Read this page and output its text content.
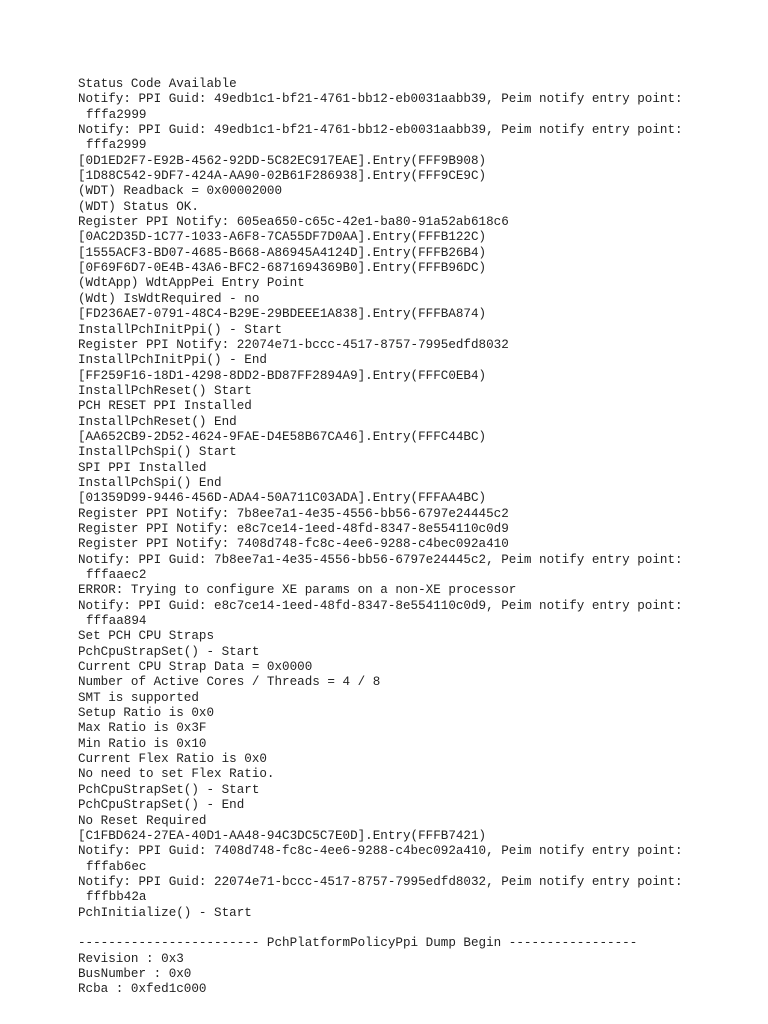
Status Code Available
Notify: PPI Guid: 49edb1c1-bf21-4761-bb12-eb0031aabb39, Peim notify entry point:
fffa2999
Notify: PPI Guid: 49edb1c1-bf21-4761-bb12-eb0031aabb39, Peim notify entry point:
fffa2999
[0D1ED2F7-E92B-4562-92DD-5C82EC917EAE].Entry(FFF9B908)
[1D88C542-9DF7-424A-AA90-02B61F286938].Entry(FFF9CE9C)
(WDT) Readback = 0x00002000
(WDT) Status OK.
Register PPI Notify: 605ea650-c65c-42e1-ba80-91a52ab618c6
[0AC2D35D-1C77-1033-A6F8-7CA55DF7D0AA].Entry(FFFB122C)
[1555ACF3-BD07-4685-B668-A86945A4124D].Entry(FFFB26B4)
[0F69F6D7-0E4B-43A6-BFC2-6871694369B0].Entry(FFFB96DC)
(WdtApp) WdtAppPei Entry Point
(Wdt) IsWdtRequired - no
[FD236AE7-0791-48C4-B29E-29BDEEE1A838].Entry(FFFBA874)
InstallPchInitPpi() - Start
Register PPI Notify: 22074e71-bccc-4517-8757-7995edfd8032
InstallPchInitPpi() - End
[FF259F16-18D1-4298-8DD2-BD87FF2894A9].Entry(FFFC0EB4)
InstallPchReset() Start
PCH RESET PPI Installed
InstallPchReset() End
[AA652CB9-2D52-4624-9FAE-D4E58B67CA46].Entry(FFFC44BC)
InstallPchSpi() Start
SPI PPI Installed
InstallPchSpi() End
[01359D99-9446-456D-ADA4-50A711C03ADA].Entry(FFFAA4BC)
Register PPI Notify: 7b8ee7a1-4e35-4556-bb56-6797e24445c2
Register PPI Notify: e8c7ce14-1eed-48fd-8347-8e554110c0d9
Register PPI Notify: 7408d748-fc8c-4ee6-9288-c4bec092a410
Notify: PPI Guid: 7b8ee7a1-4e35-4556-bb56-6797e24445c2, Peim notify entry point:
fffaaec2
ERROR: Trying to configure XE params on a non-XE processor
Notify: PPI Guid: e8c7ce14-1eed-48fd-8347-8e554110c0d9, Peim notify entry point:
fffaa894
Set PCH CPU Straps
PchCpuStrapSet() - Start
Current CPU Strap Data = 0x0000
Number of Active Cores / Threads = 4 / 8
SMT is supported
Setup Ratio is 0x0
Max Ratio is 0x3F
Min Ratio is 0x10
Current Flex Ratio is 0x0
No need to set Flex Ratio.
PchCpuStrapSet() - Start
PchCpuStrapSet() - End
No Reset Required
[C1FBD624-27EA-40D1-AA48-94C3DC5C7E0D].Entry(FFFB7421)
Notify: PPI Guid: 7408d748-fc8c-4ee6-9288-c4bec092a410, Peim notify entry point:
fffab6ec
Notify: PPI Guid: 22074e71-bccc-4517-8757-7995edfd8032, Peim notify entry point:
fffbb42a
PchInitialize() - Start
------------------------ PchPlatformPolicyPpi Dump Begin -----------------
Revision : 0x3
BusNumber : 0x0
Rcba : 0xfed1c000
